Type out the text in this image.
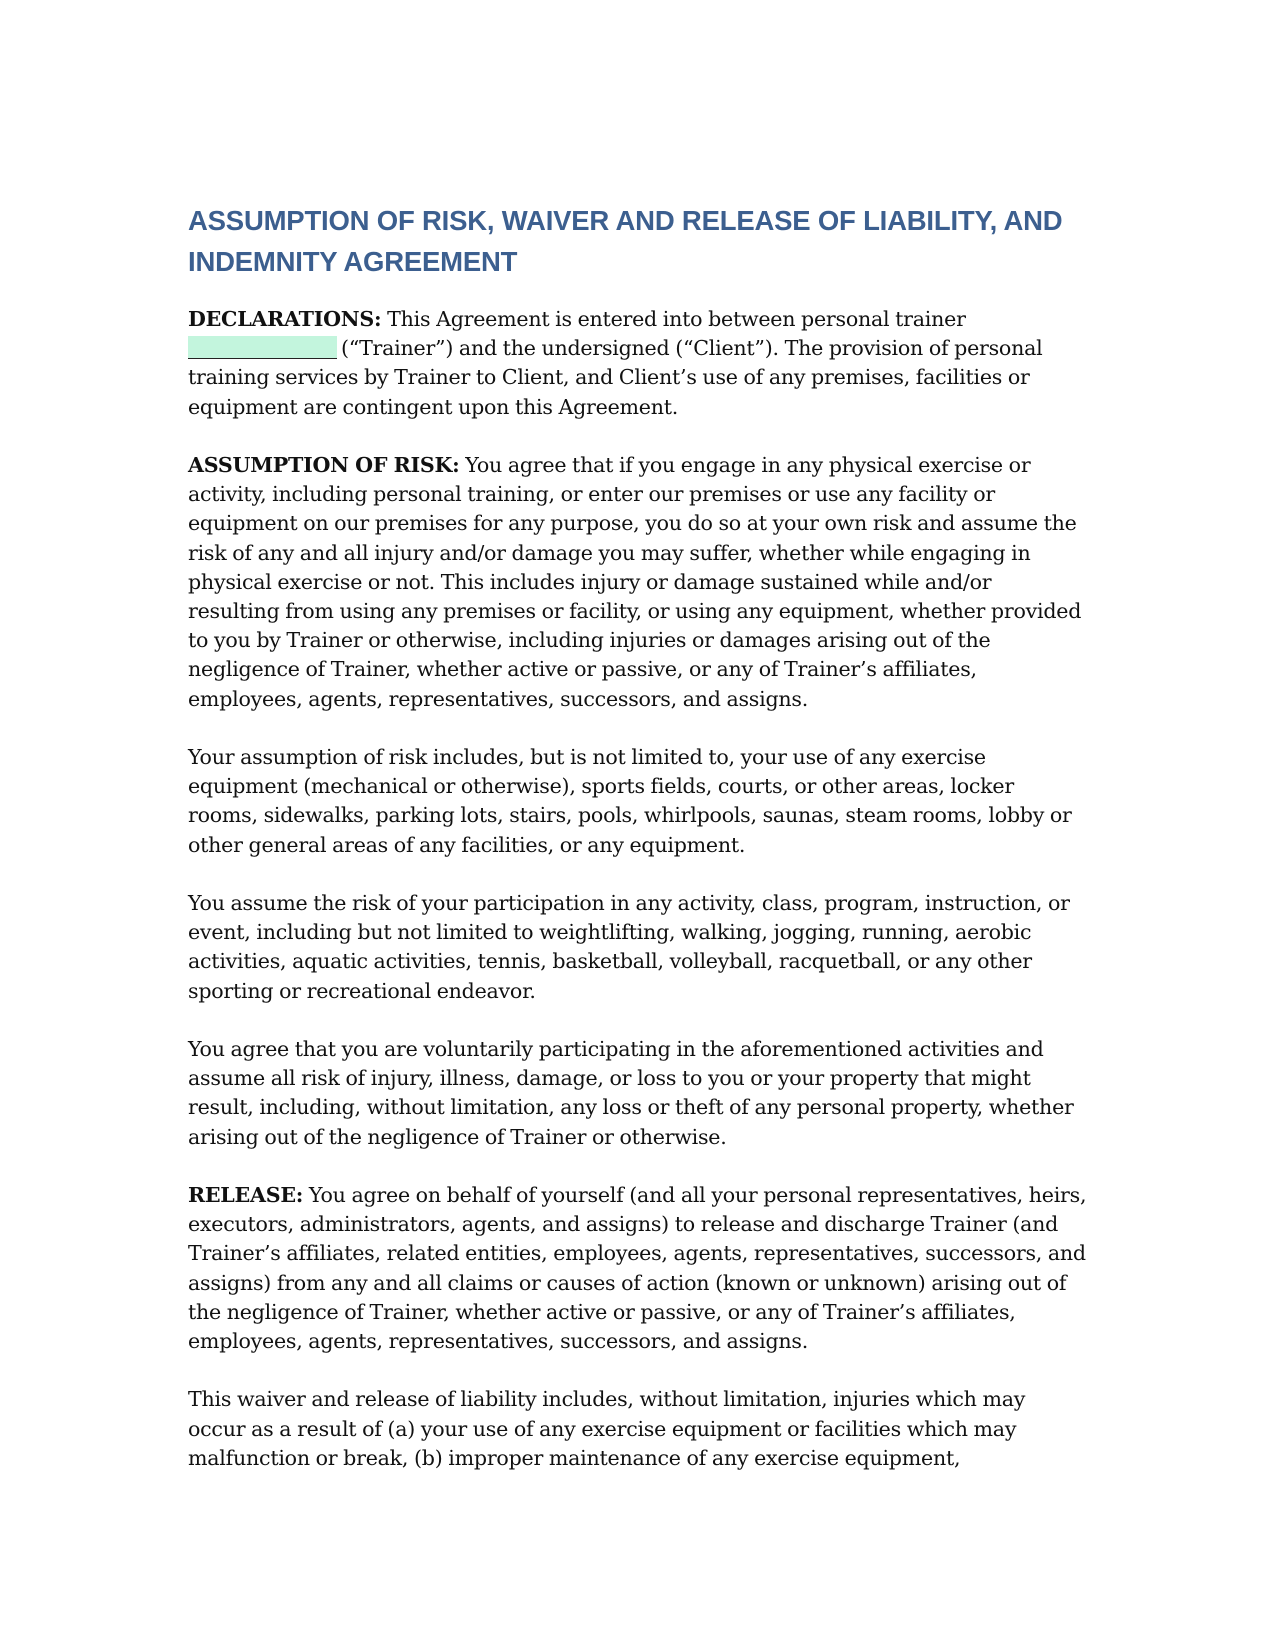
ASSUMPTION OF RISK, WAIVER AND RELEASE OF LIABILITY, AND
INDEMNITY AGREEMENT

DECLARATIONS: This Agreement is entered into between personal trainer (“Trainer”) and the undersigned (“Client”). The provision of personal training services by Trainer to Client, and Client’s use of any premises, facilities or equipment are contingent upon this Agreement.

ASSUMPTION OF RISK: You agree that if you engage in any physical exercise or activity, including personal training, or enter our premises or use any facility or equipment on our premises for any purpose, you do so at your own risk and assume the risk of any and all injury and/or damage you may suffer, whether while engaging in physical exercise or not. This includes injury or damage sustained while and/or resulting from using any premises or facility, or using any equipment, whether provided to you by Trainer or otherwise, including injuries or damages arising out of the negligence of Trainer, whether active or passive, or any of Trainer’s affiliates, employees, agents, representatives, successors, and assigns.

Your assumption of risk includes, but is not limited to, your use of any exercise equipment (mechanical or otherwise), sports fields, courts, or other areas, locker rooms, sidewalks, parking lots, stairs, pools, whirlpools, saunas, steam rooms, lobby or other general areas of any facilities, or any equipment.

You assume the risk of your participation in any activity, class, program, instruction, or event, including but not limited to weightlifting, walking, jogging, running, aerobic activities, aquatic activities, tennis, basketball, volleyball, racquetball, or any other sporting or recreational endeavor.

You agree that you are voluntarily participating in the aforementioned activities and assume all risk of injury, illness, damage, or loss to you or your property that might result, including, without limitation, any loss or theft of any personal property, whether arising out of the negligence of Trainer or otherwise.

RELEASE: You agree on behalf of yourself (and all your personal representatives, heirs, executors, administrators, agents, and assigns) to release and discharge Trainer (and Trainer’s affiliates, related entities, employees, agents, representatives, successors, and assigns) from any and all claims or causes of action (known or unknown) arising out of the negligence of Trainer, whether active or passive, or any of Trainer’s affiliates, employees, agents, representatives, successors, and assigns.

This waiver and release of liability includes, without limitation, injuries which may occur as a result of (a) your use of any exercise equipment or facilities which may malfunction or break, (b) improper maintenance of any exercise equipment,
